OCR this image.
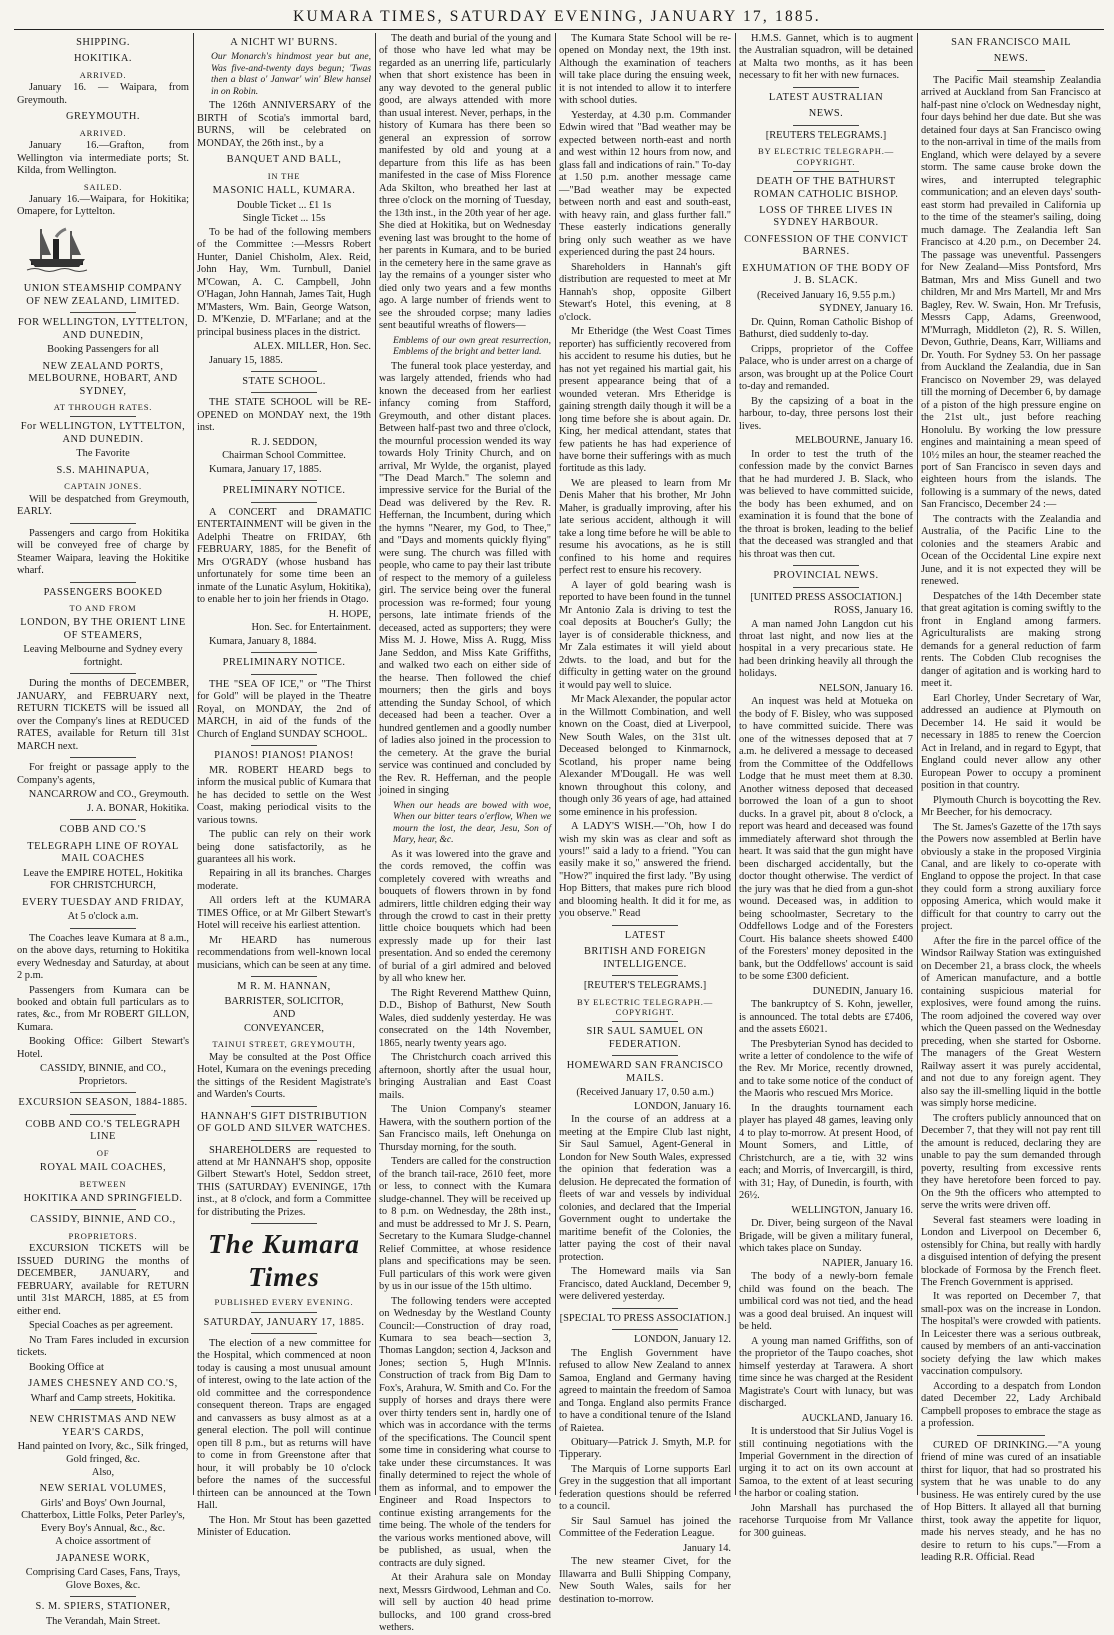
KUMARA TIMES, SATURDAY EVENING, JANUARY 17, 1885.
SHIPPING.
HOKITIKA.
ARRIVED.
January 16. — Waipara, from Greymouth.
GREYMOUTH.
ARRIVED.
January 16.—Grafton, from Wellington via intermediate ports; St. Kilda, from Wellington.
SAILED.
January 16.—Waipara, for Hokitika; Omapere, for Lyttelton.
UNION STEAMSHIP COMPANY OF NEW ZEALAND, LIMITED.
FOR WELLINGTON, LYTTELTON, AND DUNEDIN,
Booking Passengers for all
NEW ZEALAND PORTS, MELBOURNE, HOBART, AND SYDNEY,
AT THROUGH RATES.
For WELLINGTON, LYTTELTON, AND DUNEDIN.
The Favorite
S.S. MAHINAPUA,
CAPTAIN JONES.
Will be despatched from Greymouth, EARLY.
Passengers and cargo from Hokitika will be conveyed free of charge by Steamer Waipara, leaving the Hokitike wharf.
PASSENGERS BOOKED
TO AND FROM
LONDON, BY THE ORIENT LINE OF STEAMERS,
Leaving Melbourne and Sydney every fortnight.
During the months of DECEMBER, JANUARY, and FEBRUARY next, RETURN TICKETS will be issued all over the Company's lines at REDUCED RATES, available for Return till 31st MARCH next.
For freight or passage apply to the Company's agents,
NANCARROW and CO., Greymouth.
J. A. BONAR, Hokitika.
COBB AND CO.'S
TELEGRAPH LINE OF ROYAL MAIL COACHES
Leave the EMPIRE HOTEL, Hokitika FOR CHRISTCHURCH,
EVERY TUESDAY AND FRIDAY,
At 5 o'clock a.m.
The Coaches leave Kumara at 8 a.m., on the above days, returning to Hokitika every Wednesday and Saturday, at about 2 p.m.
Passengers from Kumara can be booked and obtain full particulars as to rates, &c., from Mr ROBERT GILLON, Kumara.
Booking Office: Gilbert Stewart's Hotel.
CASSIDY, BINNIE, and CO., Proprietors.
EXCURSION SEASON, 1884-1885.
COBB AND CO.'S TELEGRAPH LINE
OF
ROYAL MAIL COACHES,
BETWEEN
HOKITIKA AND SPRINGFIELD.
CASSIDY, BINNIE, AND CO.,
PROPRIETORS.
EXCURSION TICKETS will be ISSUED DURING the months of DECEMBER, JANUARY, and FEBRUARY, available for RETURN until 31st MARCH, 1885, at £5 from either end.
Special Coaches as per agreement.
No Tram Fares included in excursion tickets.
Booking Office at
JAMES CHESNEY AND CO.'S,
Wharf and Camp streets, Hokitika.
NEW CHRISTMAS AND NEW YEAR'S CARDS,
Hand painted on Ivory, &c., Silk fringed, Gold fringed, &c.
Also,
NEW SERIAL VOLUMES,
Girls' and Boys' Own Journal, Chatterbox, Little Folks, Peter Parley's, Every Boy's Annual, &c., &c.
A choice assortment of
JAPANESE WORK,
Comprising Card Cases, Fans, Trays, Glove Boxes, &c.
S. M. SPIERS, STATIONER,
The Verandah, Main Street.
A NICHT WI' BURNS.
Our Monarch's hindmost year but ane, Was five-and-twenty days begun; 'Twas then a blast o' Janwar' win' Blew hansel in on Robin.
The 126th ANNIVERSARY of the BIRTH of Scotia's immortal bard, BURNS, will be celebrated on MONDAY, the 26th inst., by a
BANQUET AND BALL,
IN THE
MASONIC HALL, KUMARA.
Double Ticket ... £1 1s
Single Ticket ... 15s
To be had of the following members of the Committee :—Messrs Robert Hunter, Daniel Chisholm, Alex. Reid, John Hay, Wm. Turnbull, Daniel M'Cowan, A. C. Campbell, John O'Hagan, John Hannah, James Tait, Hugh M'Masters, Wm. Bain, George Watson, D. M'Kenzie, D. M'Farlane; and at the principal business places in the district.
ALEX. MILLER, Hon. Sec.
January 15, 1885.
STATE SCHOOL.
THE STATE SCHOOL will be RE-OPENED on MONDAY next, the 19th inst.
R. J. SEDDON,
Chairman School Committee.
Kumara, January 17, 1885.
PRELIMINARY NOTICE.
A CONCERT and DRAMATIC ENTERTAINMENT will be given in the Adelphi Theatre on FRIDAY, 6th FEBRUARY, 1885, for the Benefit of Mrs O'GRADY (whose husband has unfortunately for some time been an inmate of the Lunatic Asylum, Hokitika), to enable her to join her friends in Otago.
H. HOPE,
Hon. Sec. for Entertainment.
Kumara, January 8, 1884.
PRELIMINARY NOTICE.
THE "SEA OF ICE," or "The Thirst for Gold" will be played in the Theatre Royal, on MONDAY, the 2nd of MARCH, in aid of the funds of the Church of England SUNDAY SCHOOL.
PIANOS! PIANOS! PIANOS!
MR. ROBERT HEARD begs to inform the musical public of Kumara that he has decided to settle on the West Coast, making periodical visits to the various towns.
The public can rely on their work being done satisfactorily, as he guarantees all his work.
Repairing in all its branches. Charges moderate.
All orders left at the KUMARA TIMES Office, or at Mr Gilbert Stewart's Hotel will receive his earliest attention.
Mr HEARD has numerous recommendations from well-known local musicians, which can be seen at any time.
M R. M. HANNAN,
BARRISTER, SOLICITOR,
AND
CONVEYANCER,
TAINUI STREET, GREYMOUTH,
May be consulted at the Post Office Hotel, Kumara on the evenings preceding the sittings of the Resident Magistrate's and Warden's Courts.
HANNAH'S GIFT DISTRIBUTION OF GOLD AND SILVER WATCHES.
SHAREHOLDERS are requested to attend at Mr HANNAH'S shop, opposite Gilbert Stewart's Hotel, Seddon street, THIS (SATURDAY) EVENINGE, 17th inst., at 8 o'clock, and form a Committee for distributing the Prizes.
The Kumara Times
PUBLISHED EVERY EVENING.
SATURDAY, JANUARY 17, 1885.
The election of a new committee for the Hospital, which commenced at noon today is causing a most unusual amount of interest, owing to the late action of the old committee and the correspondence consequent thereon. Traps are engaged and canvassers as busy almost as at a general election. The poll will continue open till 8 p.m., but as returns will have to come in from Greenstone after that hour, it will probably be 10 o'clock before the names of the successful thirteen can be announced at the Town Hall.
The Hon. Mr Stout has been gazetted Minister of Education.
The death and burial of the young and of those who have led what may be regarded as an unerring life, particularly when that short existence has been in any way devoted to the general public good, are always attended with more than usual interest. Never, perhaps, in the history of Kumara has there been so general an expression of sorrow manifested by old and young at a departure from this life as has been manifested in the case of Miss Florence Ada Skilton, who breathed her last at three o'clock on the morning of Tuesday, the 13th inst., in the 20th year of her age. She died at Hokitika, but on Wednesday evening last was brought to the home of her parents in Kumara, and to be buried in the cemetery here in the same grave as lay the remains of a younger sister who died only two years and a few months ago. A large number of friends went to see the shrouded corpse; many ladies sent beautiful wreaths of flowers—
Emblems of our own great resurrection, Emblems of the bright and better land.
The funeral took place yesterday, and was largely attended, friends who had known the deceased from her earliest infancy coming from Stafford, Greymouth, and other distant places. Between half-past two and three o'clock, the mournful procession wended its way towards Holy Trinity Church, and on arrival, Mr Wylde, the organist, played "The Dead March." The solemn and impressive service for the Burial of the Dead was delivered by the Rev. R. Heffernan, the Incumbent, during which the hymns "Nearer, my God, to Thee," and "Days and moments quickly flying" were sung. The church was filled with people, who came to pay their last tribute of respect to the memory of a guileless girl. The service being over the funeral procession was re-formed; four young persons, late intimate friends of the deceased, acted as supporters; they were Miss M. J. Howe, Miss A. Rugg, Miss Jane Seddon, and Miss Kate Griffiths, and walked two each on either side of the hearse. Then followed the chief mourners; then the girls and boys attending the Sunday School, of which deceased had been a teacher. Over a hundred gentlemen and a goodly number of ladies also joined in the procession to the cemetery. At the grave the burial service was continued and concluded by the Rev. R. Heffernan, and the people joined in singing
When our heads are bowed with woe, When our bitter tears o'erflow, When we mourn the lost, the dear, Jesu, Son of Mary, hear, &c.
As it was lowered into the grave and the cords removed, the coffin was completely covered with wreaths and bouquets of flowers thrown in by fond admirers, little children edging their way through the crowd to cast in their pretty little choice bouquets which had been expressly made up for their last presentation. And so ended the ceremony of burial of a girl admired and beloved by all who knew her.
The Right Reverend Matthew Quinn, D.D., Bishop of Bathurst, New South Wales, died suddenly yesterday. He was consecrated on the 14th November, 1865, nearly twenty years ago.
The Christchurch coach arrived this afternoon, shortly after the usual hour, bringing Australian and East Coast mails.
The Union Company's steamer Hawera, with the southern portion of the San Francisco mails, left Onehunga on Thursday morning, for the south.
Tenders are called for the construction of the branch tail-race, 2610 feet, more or less, to connect with the Kumara sludge-channel. They will be received up to 8 p.m. on Wednesday, the 28th inst., and must be addressed to Mr J. S. Pearn, Secretary to the Kumara Sludge-channel Relief Committee, at whose residence plans and specifications may be seen. Full particulars of this work were given by us in our issue of the 15th ultimo.
The following tenders were accepted on Wednesday by the Westland County Council:—Construction of dray road, Kumara to sea beach—section 3, Thomas Langdon; section 4, Jackson and Jones; section 5, Hugh M'Innis. Construction of track from Big Dam to Fox's, Arahura, W. Smith and Co. For the supply of horses and drays there were over thirty tenders sent in, hardly one of which was in accordance with the terms of the specifications. The Council spent some time in considering what course to take under these circumstances. It was finally determined to reject the whole of them as informal, and to empower the Engineer and Road Inspectors to continue existing arrangements for the time being. The whole of the tenders for the various works mentioned above, will be published, as usual, when the contracts are duly signed.
At their Arahura sale on Monday next, Messrs Girdwood, Lehman and Co. will sell by auction 40 head prime bullocks, and 100 grand cross-bred wethers.
The Kumara State School will be re-opened on Monday next, the 19th inst. Although the examination of teachers will take place during the ensuing week, it is not intended to allow it to interfere with school duties.
Yesterday, at 4.30 p.m. Commander Edwin wired that "Bad weather may be expected between north-east and north and west within 12 hours from now, and glass fall and indications of rain." To-day at 1.50 p.m. another message came—"Bad weather may be expected between north and east and south-east, with heavy rain, and glass further fall." These easterly indications generally bring only such weather as we have experienced during the past 24 hours.
Shareholders in Hannah's gift distribution are requested to meet at Mr Hannah's shop, opposite Gilbert Stewart's Hotel, this evening, at 8 o'clock.
Mr Etheridge (the West Coast Times reporter) has sufficiently recovered from his accident to resume his duties, but he has not yet regained his martial gait, his present appearance being that of a wounded veteran. Mrs Etheridge is gaining strength daily though it will be a long time before she is about again. Dr. King, her medical attendant, states that few patients he has had experience of have borne their sufferings with as much fortitude as this lady.
We are pleased to learn from Mr Denis Maher that his brother, Mr John Maher, is gradually improving, after his late serious accident, although it will take a long time before he will be able to resume his avocations, as he is still confined to his home and requires perfect rest to ensure his recovery.
A layer of gold bearing wash is reported to have been found in the tunnel Mr Antonio Zala is driving to test the coal deposits at Boucher's Gully; the layer is of considerable thickness, and Mr Zala estimates it will yield about 2dwts. to the load, and but for the difficulty in getting water on the ground it would pay well to sluice.
Mr Mack Alexander, the popular actor in the Willmott Combination, and well known on the Coast, died at Liverpool, New South Wales, on the 31st ult. Deceased belonged to Kinmarnock, Scotland, his proper name being Alexander M'Dougall. He was well known throughout this colony, and though only 36 years of age, had attained some eminence in his profession.
A LADY'S WISH.—"Oh, how I do wish my skin was as clear and soft as yours!" said a lady to a friend. "You can easily make it so," answered the friend. "How?" inquired the first lady. "By using Hop Bitters, that makes pure rich blood and blooming health. It did it for me, as you observe." Read
LATEST
BRITISH AND FOREIGN INTELLIGENCE.
[REUTER'S TELEGRAMS.]
BY ELECTRIC TELEGRAPH.—COPYRIGHT.
SIR SAUL SAMUEL ON FEDERATION.
HOMEWARD SAN FRANCISCO MAILS.
(Received January 17, 0.50 a.m.)
LONDON, January 16.
In the course of an address at a meeting at the Empire Club last night, Sir Saul Samuel, Agent-General in London for New South Wales, expressed the opinion that federation was a delusion. He deprecated the formation of fleets of war and vessels by individual colonies, and declared that the Imperial Government ought to undertake the maritime benefit of the Colonies, the latter paying the cost of their naval protection.
The Homeward mails via San Francisco, dated Auckland, December 9, were delivered yesterday.
[SPECIAL TO PRESS ASSOCIATION.]
LONDON, January 12.
The English Government have refused to allow New Zealand to annex Samoa, England and Germany having agreed to maintain the freedom of Samoa and Tonga. England also permits France to have a conditional tenure of the Island of Raietea.
Obituary—Patrick J. Smyth, M.P. for Tipperary.
The Marquis of Lorne supports Earl Grey in the suggestion that all important federation questions should be referred to a council.
Sir Saul Samuel has joined the Committee of the Federation League.
January 14.
The new steamer Civet, for the Illawarra and Bulli Shipping Company, New South Wales, sails for her destination to-morrow.
H.M.S. Gannet, which is to augment the Australian squadron, will be detained at Malta two months, as it has been necessary to fit her with new furnaces.
LATEST AUSTRALIAN
NEWS.
[REUTERS TELEGRAMS.]
BY ELECTRIC TELEGRAPH.—COPYRIGHT.
DEATH OF THE BATHURST ROMAN CATHOLIC BISHOP.
LOSS OF THREE LIVES IN SYDNEY HARBOUR.
CONFESSION OF THE CONVICT BARNES.
EXHUMATION OF THE BODY OF J. B. SLACK.
(Received January 16, 9.55 p.m.)
SYDNEY, January 16.
Dr. Quinn, Roman Catholic Bishop of Bathurst, died suddenly to-day.
Cripps, proprietor of the Coffee Palace, who is under arrest on a charge of arson, was brought up at the Police Court to-day and remanded.
By the capsizing of a boat in the harbour, to-day, three persons lost their lives.
MELBOURNE, January 16.
In order to test the truth of the confession made by the convict Barnes that he had murdered J. B. Slack, who was believed to have committed suicide, the body has been exhumed, and on examination it is found that the bone of the throat is broken, leading to the belief that the deceased was strangled and that his throat was then cut.
PROVINCIAL NEWS.
[UNITED PRESS ASSOCIATION.]
ROSS, January 16.
A man named John Langdon cut his throat last night, and now lies at the hospital in a very precarious state. He had been drinking heavily all through the holidays.
NELSON, January 16.
An inquest was held at Motueka on the body of F. Bisley, who was supposed to have committed suicide. There was one of the witnesses deposed that at 7 a.m. he delivered a message to deceased from the Committee of the Oddfellows Lodge that he must meet them at 8.30. Another witness deposed that deceased borrowed the loan of a gun to shoot ducks. In a gravel pit, about 8 o'clock, a report was heard and deceased was found immediately afterward shot through the heart. It was said that the gun might have been discharged accidentally, but the doctor thought otherwise. The verdict of the jury was that he died from a gun-shot wound. Deceased was, in addition to being schoolmaster, Secretary to the Oddfellows Lodge and of the Foresters Court. His balance sheets showed £400 of the Foresters' money deposited in the bank, but the Oddfellows' account is said to be some £300 deficient.
DUNEDIN, January 16.
The bankruptcy of S. Kohn, jeweller, is announced. The total debts are £7406, and the assets £6021.
The Presbyterian Synod has decided to write a letter of condolence to the wife of the Rev. Mr Morice, recently drowned, and to take some notice of the conduct of the Maoris who rescued Mrs Morice.
In the draughts tournament each player has played 48 games, leaving only 4 to play to-morrow. At present Hood, of Mount Somers, and Little, of Christchurch, are a tie, with 32 wins each; and Morris, of Invercargill, is third, with 31; Hay, of Dunedin, is fourth, with 26½.
WELLINGTON, January 16.
Dr. Diver, being surgeon of the Naval Brigade, will be given a military funeral, which takes place on Sunday.
NAPIER, January 16.
The body of a newly-born female child was found on the beach. The umbilical cord was not tied, and the head was a good deal bruised. An inquest will be held.
A young man named Griffiths, son of the proprietor of the Taupo coaches, shot himself yesterday at Tarawera. A short time since he was charged at the Resident Magistrate's Court with lunacy, but was discharged.
AUCKLAND, January 16.
It is understood that Sir Julius Vogel is still continuing negotiations with the Imperial Government in the direction of urging it to act on its own account at Samoa, to the extent of at least securing the harbor or coaling station.
John Marshall has purchased the racehorse Turquoise from Mr Vallance for 300 guineas.
SAN FRANCISCO MAIL
NEWS.
The Pacific Mail steamship Zealandia arrived at Auckland from San Francisco at half-past nine o'clock on Wednesday night, four days behind her due date. But she was detained four days at San Francisco owing to the non-arrival in time of the mails from England, which were delayed by a severe storm. The same cause broke down the wires, and interrupted telegraphic communication; and an eleven days' south-east storm had prevailed in California up to the time of the steamer's sailing, doing much damage. The Zealandia left San Francisco at 4.20 p.m., on December 24. The passage was uneventful. Passengers for New Zealand—Miss Pontsford, Mrs Batman, Mrs and Miss Gunell and two children, Mr and Mrs Martell, Mr and Mrs Bagley, Rev. W. Swain, Hon. Mr Trefusis, Messrs Capp, Adams, Greenwood, M'Murragh, Middleton (2), R. S. Willen, Devon, Guthrie, Deans, Karr, Williams and Dr. Youth. For Sydney 53. On her passage from Auckland the Zealandia, due in San Francisco on November 29, was delayed till the morning of December 6, by damage of a piston of the high pressure engine on the 21st ult., just before reaching Honolulu. By working the low pressure engines and maintaining a mean speed of 10½ miles an hour, the steamer reached the port of San Francisco in seven days and eighteen hours from the islands. The following is a summary of the news, dated San Francisco, December 24 :—
The contracts with the Zealandia and Australia, of the Pacific Line to the colonies and the steamers Arabic and Ocean of the Occidental Line expire next June, and it is not expected they will be renewed.
Despatches of the 14th December state that great agitation is coming swiftly to the front in England among farmers. Agriculturalists are making strong demands for a general reduction of farm rents. The Cobden Club recognises the danger of agitation and is working hard to meet it.
Earl Chorley, Under Secretary of War, addressed an audience at Plymouth on December 14. He said it would be necessary in 1885 to renew the Coercion Act in Ireland, and in regard to Egypt, that England could never allow any other European Power to occupy a prominent position in that country.
Plymouth Church is boycotting the Rev. Mr Beecher, for his democracy.
The St. James's Gazette of the 17th says the Powers now assembled at Berlin have obviously a stake in the proposed Virginia Canal, and are likely to co-operate with England to oppose the project. In that case they could form a strong auxiliary force opposing America, which would make it difficult for that country to carry out the project.
After the fire in the parcel office of the Windsor Railway Station was extinguished on December 21, a brass clock, the wheels of American manufacture, and a bottle containing suspicious material for explosives, were found among the ruins. The room adjoined the covered way over which the Queen passed on the Wednesday preceding, when she started for Osborne. The managers of the Great Western Railway assert it was purely accidental, and not due to any foreign agent. They also say the ill-smelling liquid in the bottle was simply horse medicine.
The crofters publicly announced that on December 7, that they will not pay rent till the amount is reduced, declaring they are unable to pay the sum demanded through poverty, resulting from excessive rents they have heretofore been forced to pay. On the 9th the officers who attempted to serve the writs were driven off.
Several fast steamers were loading in London and Liverpool on December 6, ostensibly for China, but really with hardly a disguised intention of defying the present blockade of Formosa by the French fleet. The French Government is apprised.
It was reported on December 7, that small-pox was on the increase in London. The hospital's were crowded with patients. In Leicester there was a serious outbreak, caused by members of an anti-vaccination society defying the law which makes vaccination compulsory.
According to a despatch from London dated December 22, Lady Archibald Campbell proposes to embrace the stage as a profession.
CURED OF DRINKING.—"A young friend of mine was cured of an insatiable thirst for liquor, that had so prostrated his system that he was unable to do any business. He was entirely cured by the use of Hop Bitters. It allayed all that burning thirst, took away the appetite for liquor, made his nerves steady, and he has no desire to return to his cups."—From a leading R.R. Official. Read
